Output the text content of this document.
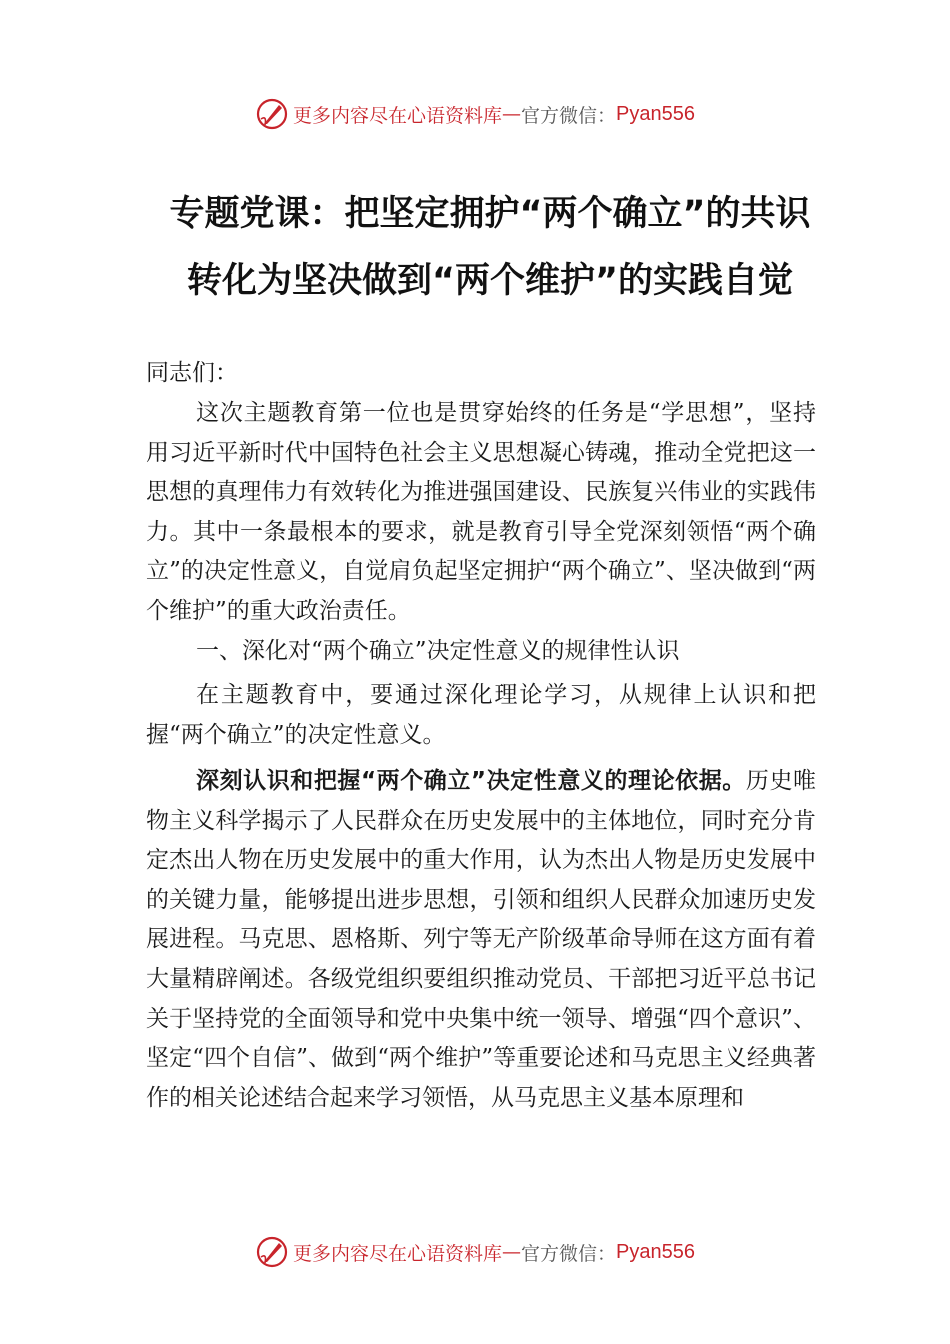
更多内容尽在心语资料库 — 官方微信： Pyan556
专题党课：把坚定拥护“两个确立”的共识
转化为坚决做到“两个维护”的实践自觉
同志们：
这次主题教育第一位也是贯穿始终的任务是“学思想”，坚持用习近平新时代中国特色社会主义思想凝心铸魂，推动全党把这一思想的真理伟力有效转化为推进强国建设、民族复兴伟业的实践伟力。其中一条最根本的要求，就是教育引导全党深刻领悟“两个确立”的决定性意义，自觉肩负起坚定拥护“两个确立”、坚决做到“两个维护”的重大政治责任。
一、深化对“两个确立”决定性意义的规律性认识
在主题教育中，要通过深化理论学习，从规律上认识和把握“两个确立”的决定性意义。
深刻认识和把握“两个确立”决定性意义的理论依据。历史唯物主义科学揭示了人民群众在历史发展中的主体地位，同时充分肯定杰出人物在历史发展中的重大作用，认为杰出人物是历史发展中的关键力量，能够提出进步思想，引领和组织人民群众加速历史发展进程。马克思、恩格斯、列宁等无产阶级革命导师在这方面有着大量精辟阐述。各级党组织要组织推动党员、干部把习近平总书记关于坚持党的全面领导和党中央集中统一领导、增强“四个意识”、坚定“四个自信”、做到“两个维护”等重要论述和马克思主义经典著作的相关论述结合起来学习领悟，从马克思主义基本原理和
更多内容尽在心语资料库 — 官方微信： Pyan556
